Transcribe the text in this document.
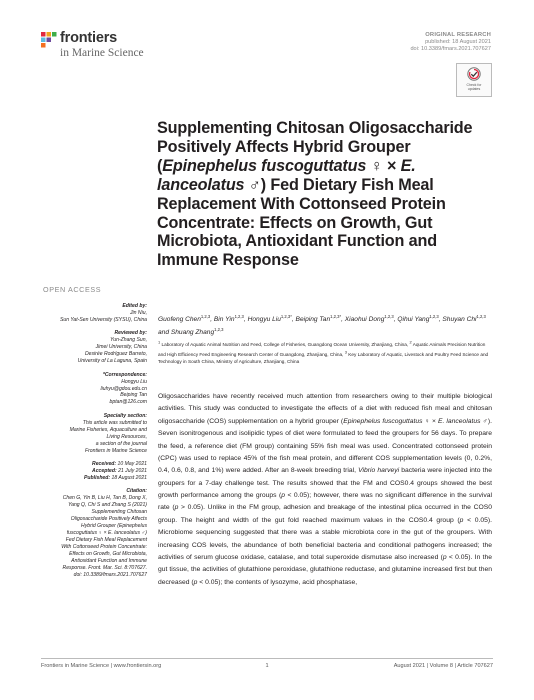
frontiers
in Marine Science
ORIGINAL RESEARCH
published: 18 August 2021
doi: 10.3389/fmars.2021.707627
Check for
updates
Supplementing Chitosan Oligosaccharide Positively Affects Hybrid Grouper (Epinephelus fuscoguttatus ♀ × E. lanceolatus ♂) Fed Dietary Fish Meal Replacement With Cottonseed Protein Concentrate: Effects on Growth, Gut Microbiota, Antioxidant Function and Immune Response
Guofeng Chen$^{1,2,3}$, Bin Yin$^{1,2,3}$, Hongyu Liu$^{1,2,3*}$, Beiping Tan$^{1,2,3*}$, Xiaohui Dong$^{1,2,3}$, Qihui Yang$^{1,2,3}$, Shuyan Chi$^{1,2,3}$ and Shuang Zhang$^{1,2,3}$
$^1$ Laboratory of Aquatic Animal Nutrition and Feed, College of Fisheries, Guangdong Ocean University, Zhanjiang, China, $^2$ Aquatic Animals Precision Nutrition and High Efficiency Feed Engineering Research Center of Guangdong, Zhanjiang, China, $^3$ Key Laboratory of Aquatic, Livestock and Poultry Feed Science and Technology in South China, Ministry of Agriculture, Zhanjiang, China
Oligosaccharides have recently received much attention from researchers owing to their multiple biological activities. This study was conducted to investigate the effects of a diet with reduced fish meal and chitosan oligosaccharide (COS) supplementation on a hybrid grouper (Epinephelus fuscoguttatus ♀ × E. lanceolatus ♂). Seven isonitrogenous and isolipidic types of diet were formulated to feed the groupers for 56 days. To prepare the feed, a reference diet (FM group) containing 55% fish meal was used. Concentrated cottonseed protein (CPC) was used to replace 45% of the fish meal protein, and different COS supplementation levels (0, 0.2%, 0.4, 0.6, 0.8, and 1%) were added. After an 8-week breeding trial, Vibrio harveyi bacteria were injected into the groupers for a 7-day challenge test. The results showed that the FM and COS0.4 groups showed the best growth performance among the groups (p < 0.05); however, there was no significant difference in the survival rate (p > 0.05). Unlike in the FM group, adhesion and breakage of the intestinal plica occurred in the COS0 group. The height and width of the gut fold reached maximum values in the COS0.4 group (p < 0.05). Microbiome sequencing suggested that there was a stable microbiota core in the gut of the groupers. With increasing COS levels, the abundance of both beneficial bacteria and conditional pathogens increased; the activities of serum glucose oxidase, catalase, and total superoxide dismutase also increased (p < 0.05). In the gut tissue, the activities of glutathione peroxidase, glutathione reductase, and glutamine increased first but then decreased (p < 0.05); the contents of lysozyme, acid phosphatase,
OPEN ACCESS
Edited by:
Jin Niu,
Sun Yat-Sen University (SYSU), China
Reviewed by:
Yun-Zhang Sun,
Jimei University, China
Desirée Rodríguez Barreto,
University of La Laguna, Spain
*Correspondence:
Hongyu Liu
liuhyu@gdou.edu.cn
Beiping Tan
bptan@126.com
Specialty section:
This article was submitted to
Marine Fisheries, Aquaculture and
Living Resources,
a section of the journal
Frontiers in Marine Science
Received: 10 May 2021
Accepted: 21 July 2021
Published: 18 August 2021
Citation:
Chen G, Yin B, Liu H, Tan B, Dong X,
Yang Q, Chi S and Zhang S (2021)
Supplementing Chitosan
Oligosaccharide Positively Affects
Hybrid Grouper (Epinephelus
fuscoguttatus ♀ × E. lanceolatus ♂)
Fed Dietary Fish Meal Replacement
With Cottonseed Protein Concentrate:
Effects on Growth, Gut Microbiota,
Antioxidant Function and Immune
Response. Front. Mar. Sci. 8:707627.
doi: 10.3389/fmars.2021.707627
Frontiers in Marine Science | www.frontiersin.org	1	August 2021 | Volume 8 | Article 707627
